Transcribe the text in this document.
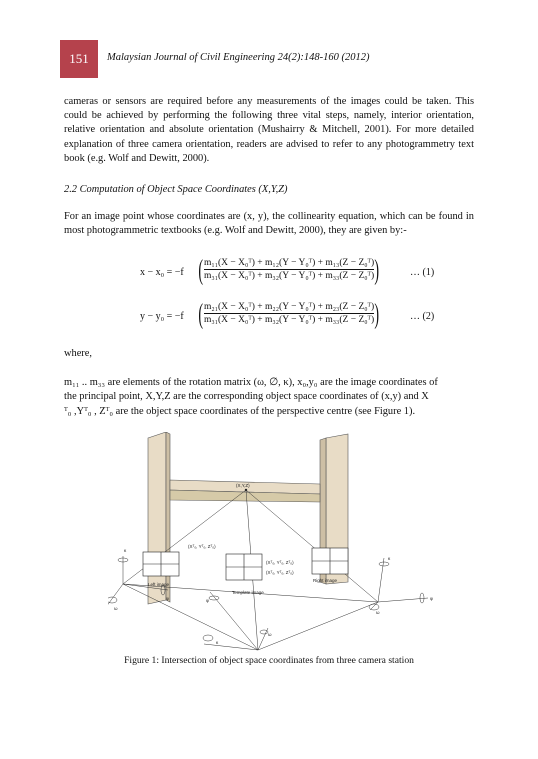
151 Malaysian Journal of Civil Engineering 24(2):148-160 (2012)

cameras or sensors are required before any measurements of the images could be taken. This could be achieved by performing the following three vital steps, namely, interior orientation, relative orientation and absolute orientation (Mushairry & Mitchell, 2001). For more detailed explanation of three camera orientation, readers are advised to refer to any photogrammetry text book (e.g. Wolf and Dewitt, 2000).

2.2 Computation of Object Space Coordinates (X,Y,Z)

For an image point whose coordinates are (x, y), the collinearity equation, which can be found in most photogrammetric textbooks (e.g. Wolf and Dewitt, 2000), they are given by:-

x − x₀ = −f ( m₁₁(X − X₀ᵀ) + m₁₂(Y − Y₀ᵀ) + m₁₃(Z − Z₀ᵀ)
m₃₁(X − X₀ᵀ) + m₃₂(Y − Y₀ᵀ) + m₃₃(Z − Z₀ᵀ) )	… (1)
y − y₀ = −f ( m₂₁(X − X₀ᵀ) + m₂₂(Y − Y₀ᵀ) + m₂₃(Z − Z₀ᵀ)
m₃₁(X − X₀ᵀ) + m₃₂(Y − Y₀ᵀ) + m₃₃(Z − Z₀ᵀ) )	… (2)

where,

m₁₁ .. m₃₃ are elements of the rotation matrix (ω, ∅, κ), x₀,y₀ are the image coordinates of

the principal point, X,Y,Z are the corresponding object space coordinates of (x,y) and X

ᵀ₀ ,Yᵀ₀ , Zᵀ₀ are the object space coordinates of the perspective centre (see Figure 1).

(X,Y,Z)
Left image
(Xᵀₒ, Yᵀₒ, Zᵀₒ)
Template image
(Xᵀₒ, Yᵀₒ, Zᵀₒ)
Right image
(Xᵀₒ, Yᵀₒ, Zᵀₒ)
κ
φ
ω
φ
ω
κ
κ
φ
ω
Figure 1: Intersection of object space coordinates from three camera station
